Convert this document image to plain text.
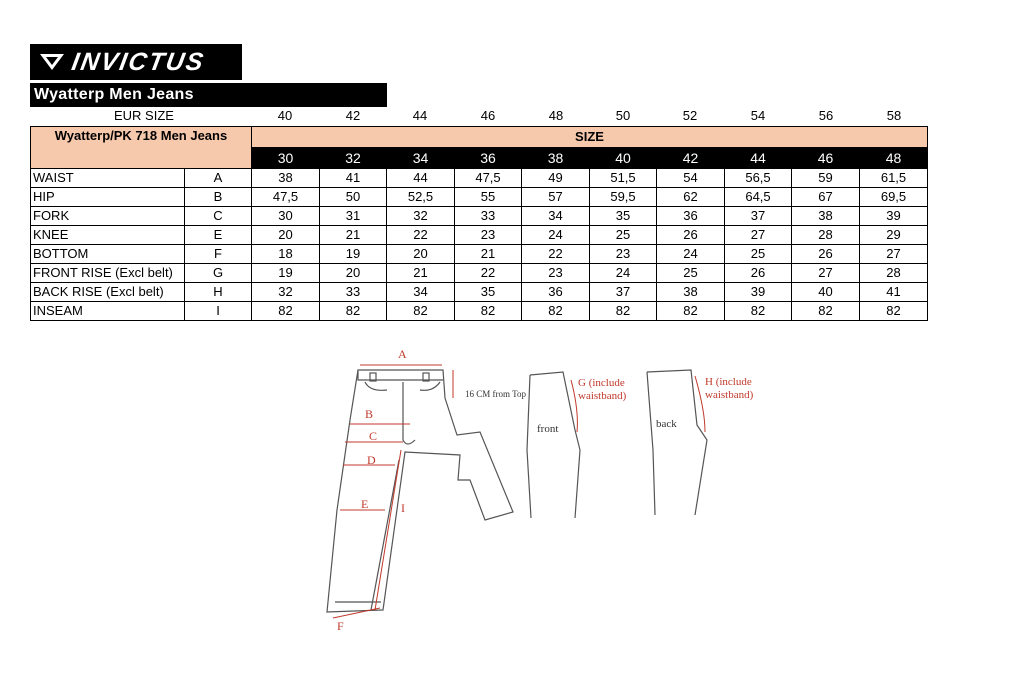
INVICTUS
Wyatterp Men Jeans
EUR SIZE	40	42	44	46	48	50	52	54	56	58
Wyatterp/PK 718 Men Jeans		SIZE									
		30	32	34	36	38	40	42	44	46	48
WAIST	A	38	41	44	47,5	49	51,5	54	56,5	59	61,5
HIP	B	47,5	50	52,5	55	57	59,5	62	64,5	67	69,5
FORK	C	30	31	32	33	34	35	36	37	38	39
KNEE	E	20	21	22	23	24	25	26	27	28	29
BOTTOM	F	18	19	20	21	22	23	24	25	26	27
FRONT RISE (Excl belt)	G	19	20	21	22	23	24	25	26	27	28
BACK RISE (Excl belt)	H	32	33	34	35	36	37	38	39	40	41
INSEAM	I	82	82	82	82	82	82	82	82	82	82
A
B
C
D
E	I
F
16 CM from Top
G (include
waistband)
front
H (include
waistband)
back
